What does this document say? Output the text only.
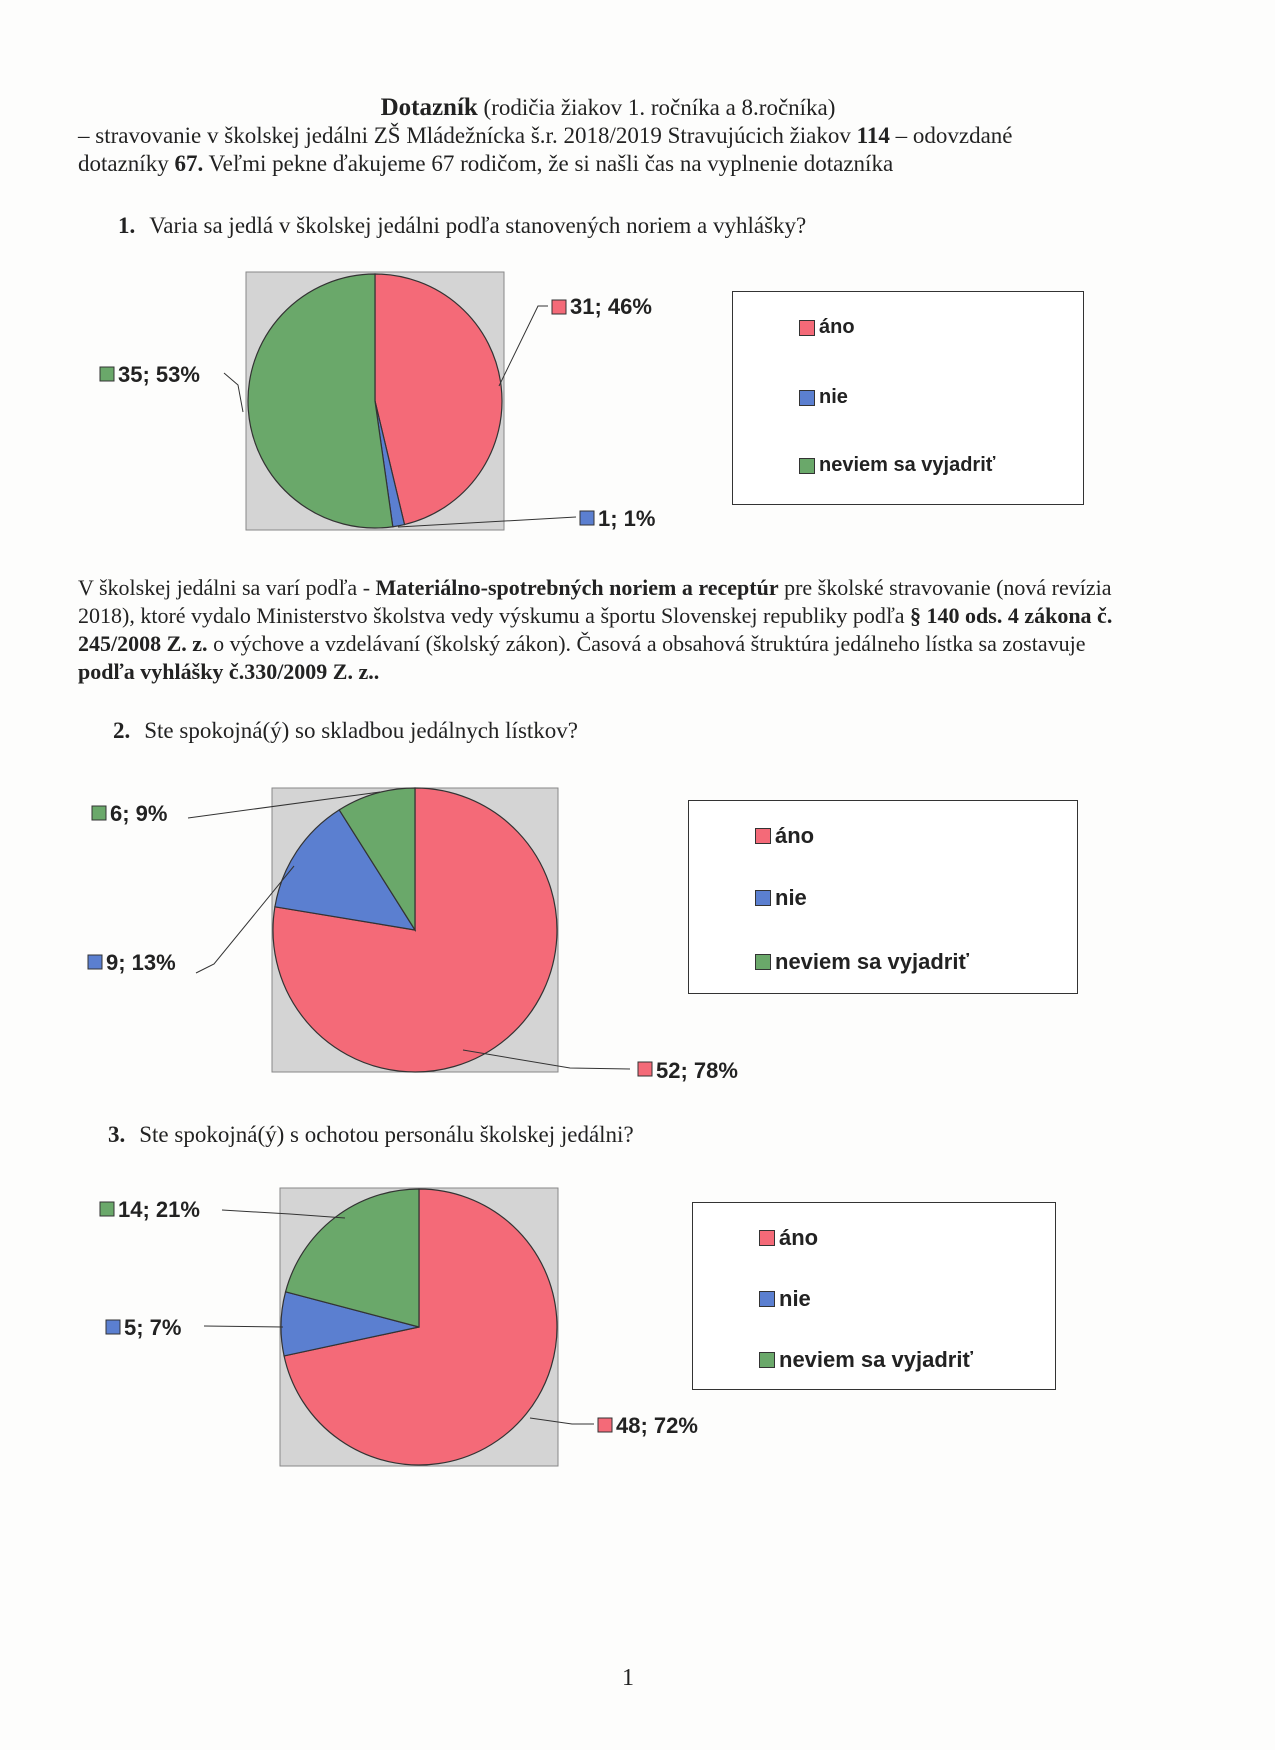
Dotazník (rodičia žiakov 1. ročníka a 8.ročníka)
– stravovanie v školskej jedálni ZŠ Mládežnícka š.r. 2018/2019 Stravujúcich žiakov 114 – odovzdané
dotazníky 67. Veľmi pekne ďakujeme 67 rodičom, že si našli čas na vyplnenie dotazníka
1. Varia sa jedlá v školskej jedálni podľa stanovených noriem a vyhlášky?
31; 46%
1; 1%
35; 53%
áno
nie
neviem sa vyjadriť
V školskej jedálni sa varí podľa - Materiálno-spotrebných noriem a receptúr pre školské stravovanie (nová revízia 2018), ktoré vydalo Ministerstvo školstva vedy výskumu a športu Slovenskej republiky podľa § 140 ods. 4 zákona č. 245/2008 Z. z. o výchove a vzdelávaní (školský zákon). Časová a obsahová štruktúra jedálneho lístka sa zostavuje podľa vyhlášky č.330/2009 Z. z..
2. Ste spokojná(ý) so skladbou jedálnych lístkov?
52; 78%
9; 13%
6; 9%
áno
nie
neviem sa vyjadriť
3. Ste spokojná(ý) s ochotou personálu školskej jedálni?
48; 72%
5; 7%
14; 21%
áno
nie
neviem sa vyjadriť
1
